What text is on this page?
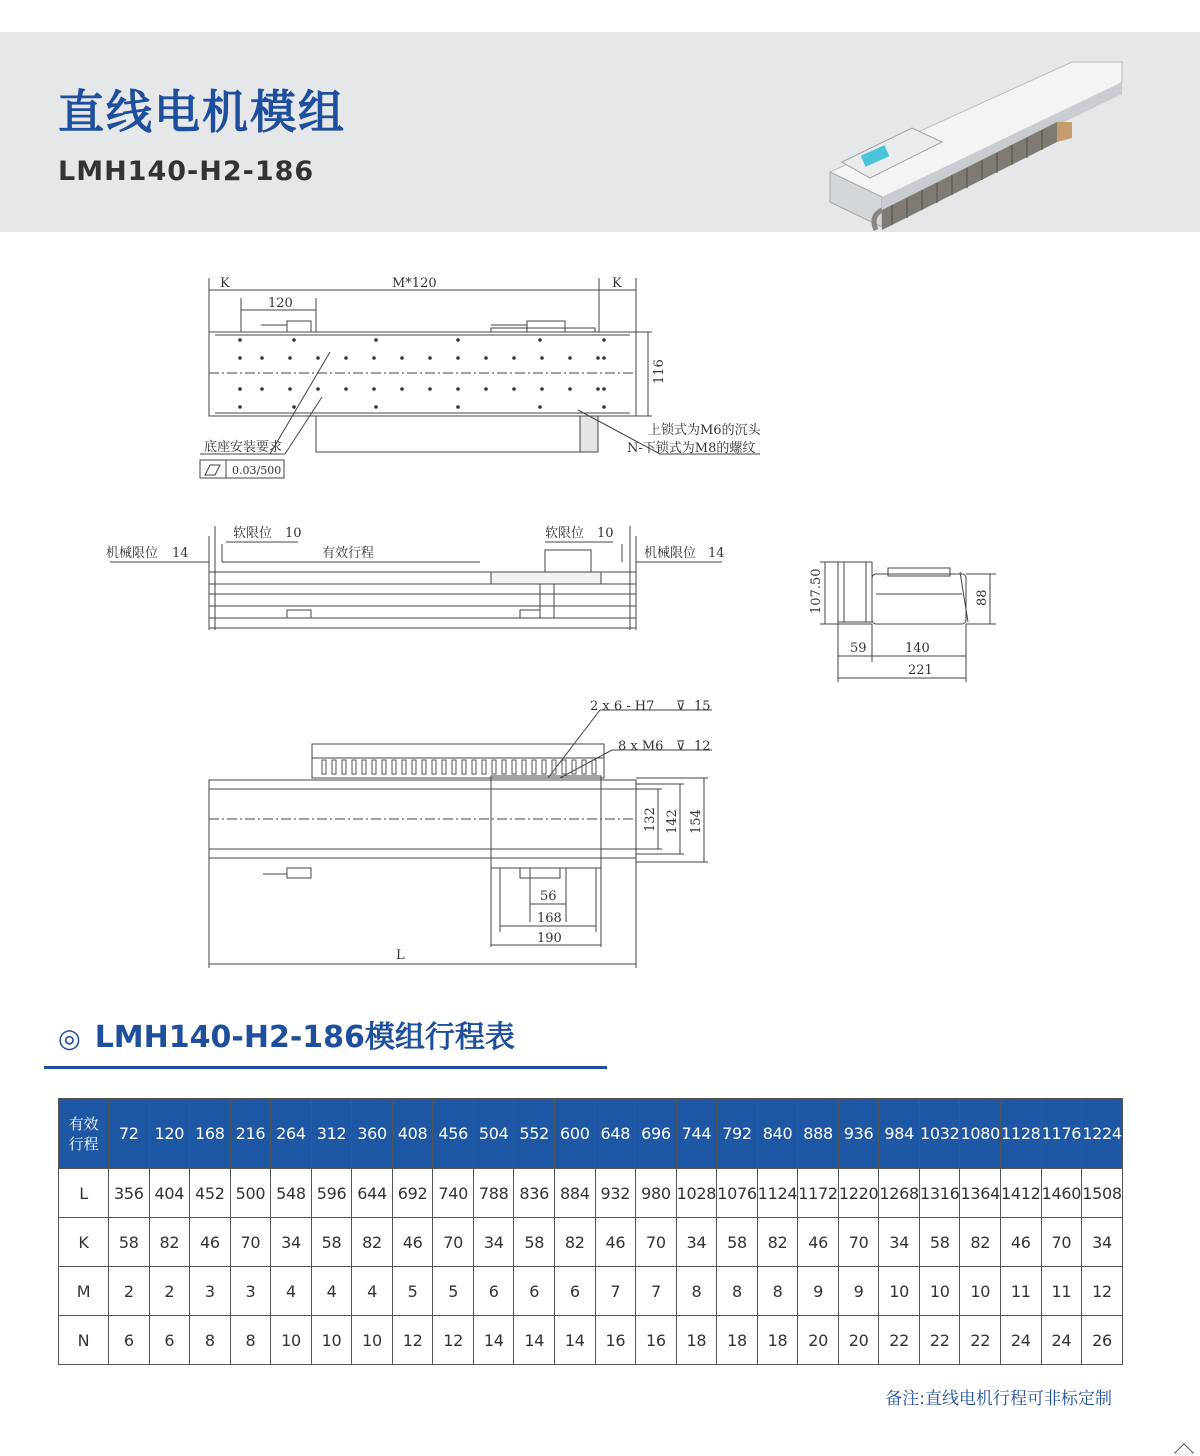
直线电机模组
LMH140-H2-186
K	M*120	K
120
116
底座安装要求
0.03/500
上锁式为M6的沉头
N-下锁式为M8的螺纹
机械限位 14
软限位 10
有效行程
软限位 10
机械限位 14
107.50	88
59	140
221
2 x 6 - H7 ⊽ 15
8 x M6 ⊽ 12
132 142 154
56
168
190
L
◎ LMH140-H2-186模组行程表
有效
行程	72	120	168	216	264	312	360	408	456	504	552	600	648	696	744	792	840	888	936	984	1032	1080	1128	1176	1224
L	356	404	452	500	548	596	644	692	740	788	836	884	932	980	1028	1076	1124	1172	1220	1268	1316	1364	1412	1460	1508
K	58	82	46	70	34	58	82	46	70	34	58	82	46	70	34	58	82	46	70	34	58	82	46	70	34
M	2	2	3	3	4	4	4	5	5	6	6	6	7	7	8	8	8	9	9	10	10	10	11	11	12
N	6	6	8	8	10	10	10	12	12	14	14	14	16	16	18	18	18	20	20	22	22	22	24	24	26
备注:直线电机行程可非标定制
